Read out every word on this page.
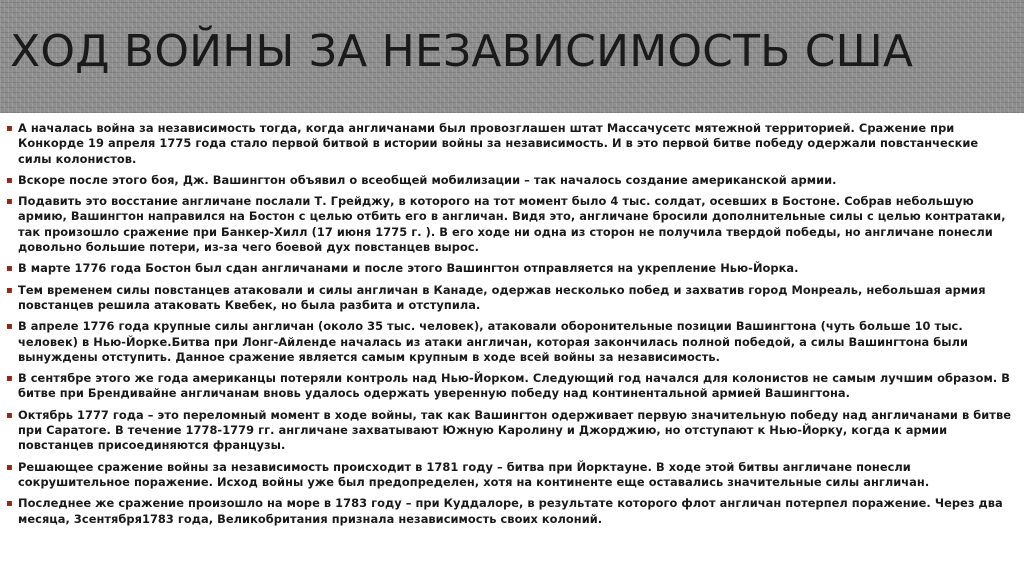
ХОД ВОЙНЫ ЗА НЕЗАВИСИМОСТЬ США
▪ А началась война за независимость тогда, когда англичанами был провозглашен штат Массачусетс мятежной территорией. Сражение при Конкорде 19 апреля 1775 года стало первой битвой в истории войны за независимость. И в это первой битве победу одержали повстанческие силы колонистов.
▪ Вскоре после этого боя, Дж. Вашингтон объявил о всеобщей мобилизации – так началось создание американской армии.
▪ Подавить это восстание англичане послали Т. Грейджу, в которого на тот момент было 4 тыс. солдат, осевших в Бостоне. Собрав небольшую армию, Вашингтон направился на Бостон с целью отбить его в англичан. Видя это, англичане бросили дополнительные силы с целью контратаки, так произошло сражение при Банкер-Хилл (17 июня 1775 г. ). В его ходе ни одна из сторон не получила твердой победы, но англичане понесли довольно большие потери, из-за чего боевой дух повстанцев вырос.
▪ В марте 1776 года Бостон был сдан англичанами и после этого Вашингтон отправляется на укрепление Нью-Йорка.
▪ Тем временем силы повстанцев атаковали и силы англичан в Канаде, одержав несколько побед и захватив город Монреаль, небольшая армия повстанцев решила атаковать Квебек, но была разбита и отступила.
▪ В апреле 1776 года крупные силы англичан (около 35 тыс. человек), атаковали оборонительные позиции Вашингтона (чуть больше 10 тыс. человек) в Нью-Йорке.Битва при Лонг-Айленде началась из атаки англичан, которая закончилась полной победой, а силы Вашингтона были вынуждены отступить. Данное сражение является самым крупным в ходе всей войны за независимость.
▪ В сентябре этого же года американцы потеряли контроль над Нью-Йорком. Следующий год начался для колонистов не самым лучшим образом. В битве при Брендивайне англичанам вновь удалось одержать уверенную победу над континентальной армией Вашингтона.
▪ Октябрь 1777 года – это переломный момент в ходе войны, так как Вашингтон одерживает первую значительную победу над англичанами в битве при Саратоге. В течение 1778-1779 гг. англичане захватывают Южную Каролину и Джорджию, но отступают к Нью-Йорку, когда к армии повстанцев присоединяются французы.
▪ Решающее сражение войны за независимость происходит в 1781 году – битва при Йорктауне. В ходе этой битвы англичане понесли сокрушительное поражение. Исход войны уже был предопределен, хотя на континенте еще оставались значительные силы англичан.
▪ Последнее же сражение произошло на море в 1783 году – при Куддалоре, в результате которого флот англичан потерпел поражение. Через два месяца, 3сентября1783 года, Великобритания признала независимость своих колоний.
